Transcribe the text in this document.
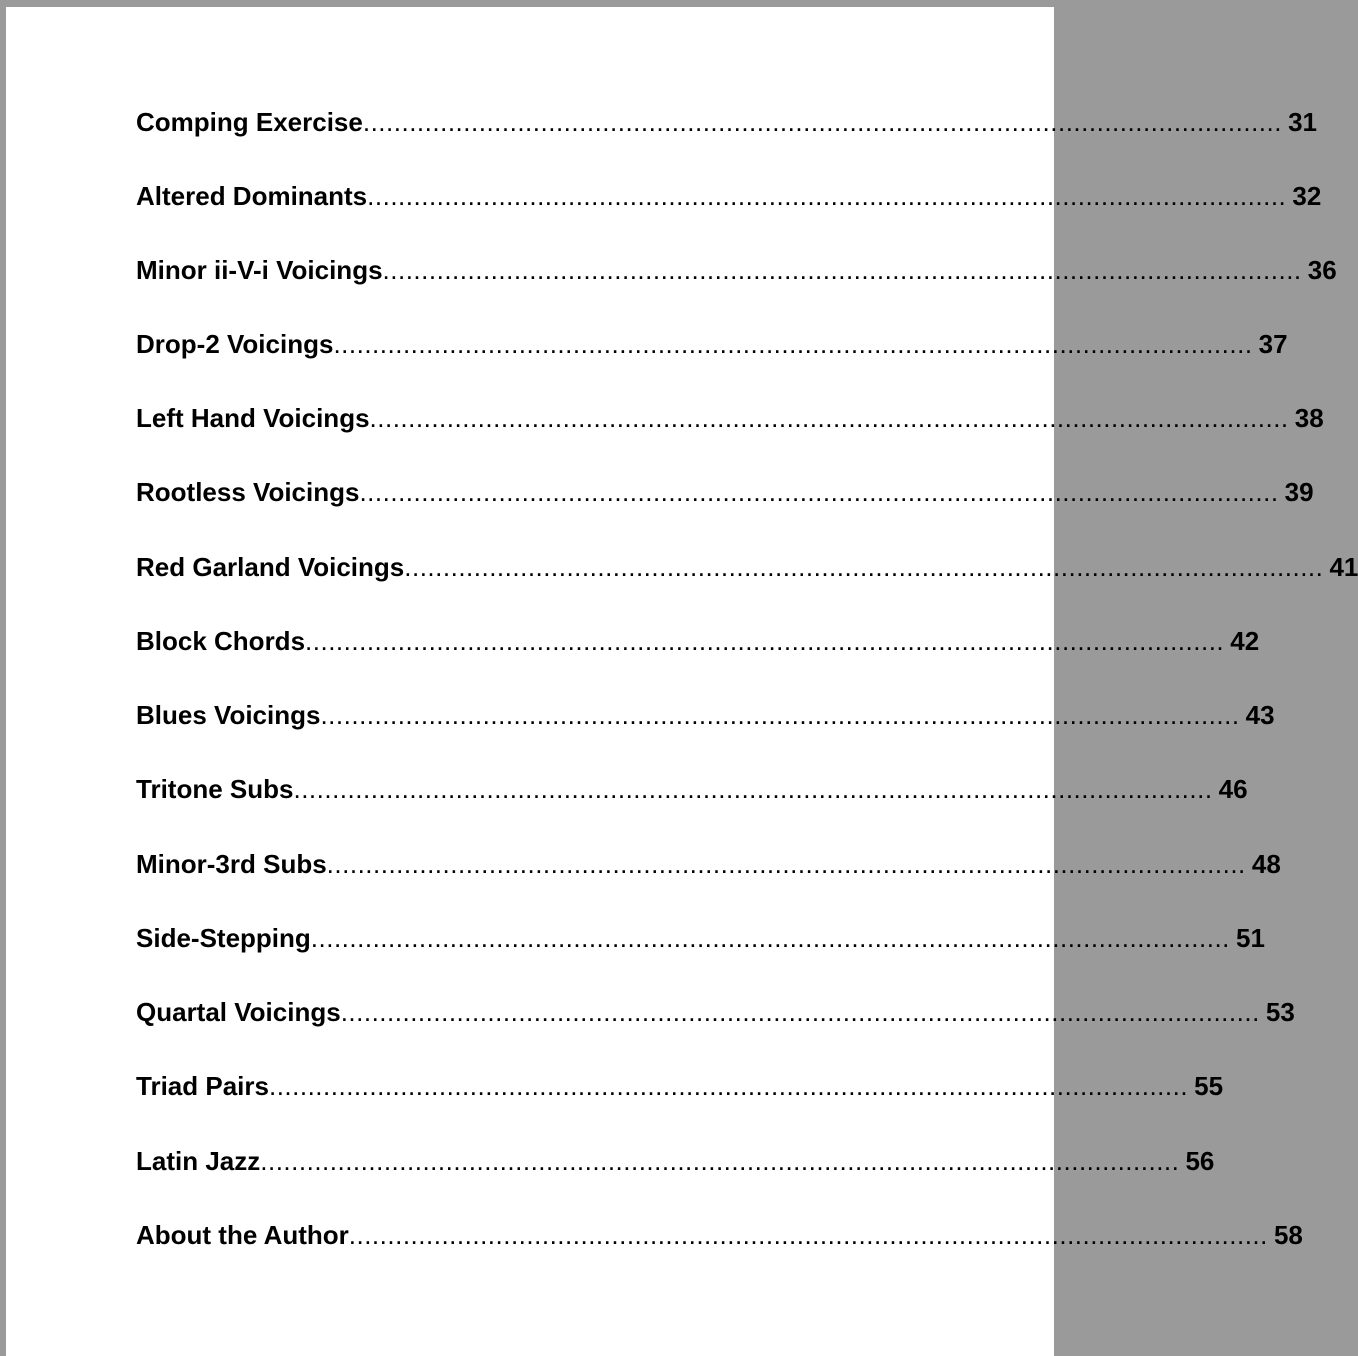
Comping Exercise ....................................................................................................................... 31
Altered Dominants ....................................................................................................................... 32
Minor ii-V-i Voicings ....................................................................................................................... 36
Drop-2 Voicings ....................................................................................................................... 37
Left Hand Voicings ....................................................................................................................... 38
Rootless Voicings ....................................................................................................................... 39
Red Garland Voicings ....................................................................................................................... 41
Block Chords ....................................................................................................................... 42
Blues Voicings ....................................................................................................................... 43
Tritone Subs ....................................................................................................................... 46
Minor-3rd Subs ....................................................................................................................... 48
Side-Stepping ....................................................................................................................... 51
Quartal Voicings ....................................................................................................................... 53
Triad Pairs ....................................................................................................................... 55
Latin Jazz ....................................................................................................................... 56
About the Author ....................................................................................................................... 58
